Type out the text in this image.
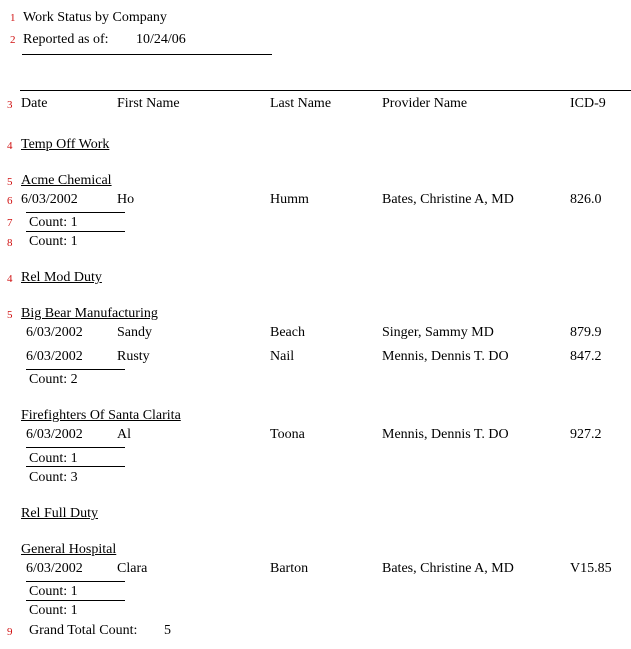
1 Work Status by Company
2 Reported as of: 10/24/06
3 Date	First Name	Last Name	Provider Name	ICD-9
4 Temp Off Work
5 Acme Chemical
6 6/03/2002	Ho	Humm	Bates, Christine A, MD	826.0
7 Count: 1
8 Count: 1
4 Rel Mod Duty
5 Big Bear Manufacturing
6/03/2002 Sandy	Beach	Singer, Sammy MD	879.9
6/03/2002 Rusty	Nail	Mennis, Dennis T. DO	847.2
Count: 2
Firefighters Of Santa Clarita
6/03/2002 Al	Toona	Mennis, Dennis T. DO	927.2
Count: 1
Count: 3
Rel Full Duty
General Hospital
6/03/2002 Clara	Barton	Bates, Christine A, MD	V15.85
Count: 1
Count: 1
9 Grand Total Count: 5
